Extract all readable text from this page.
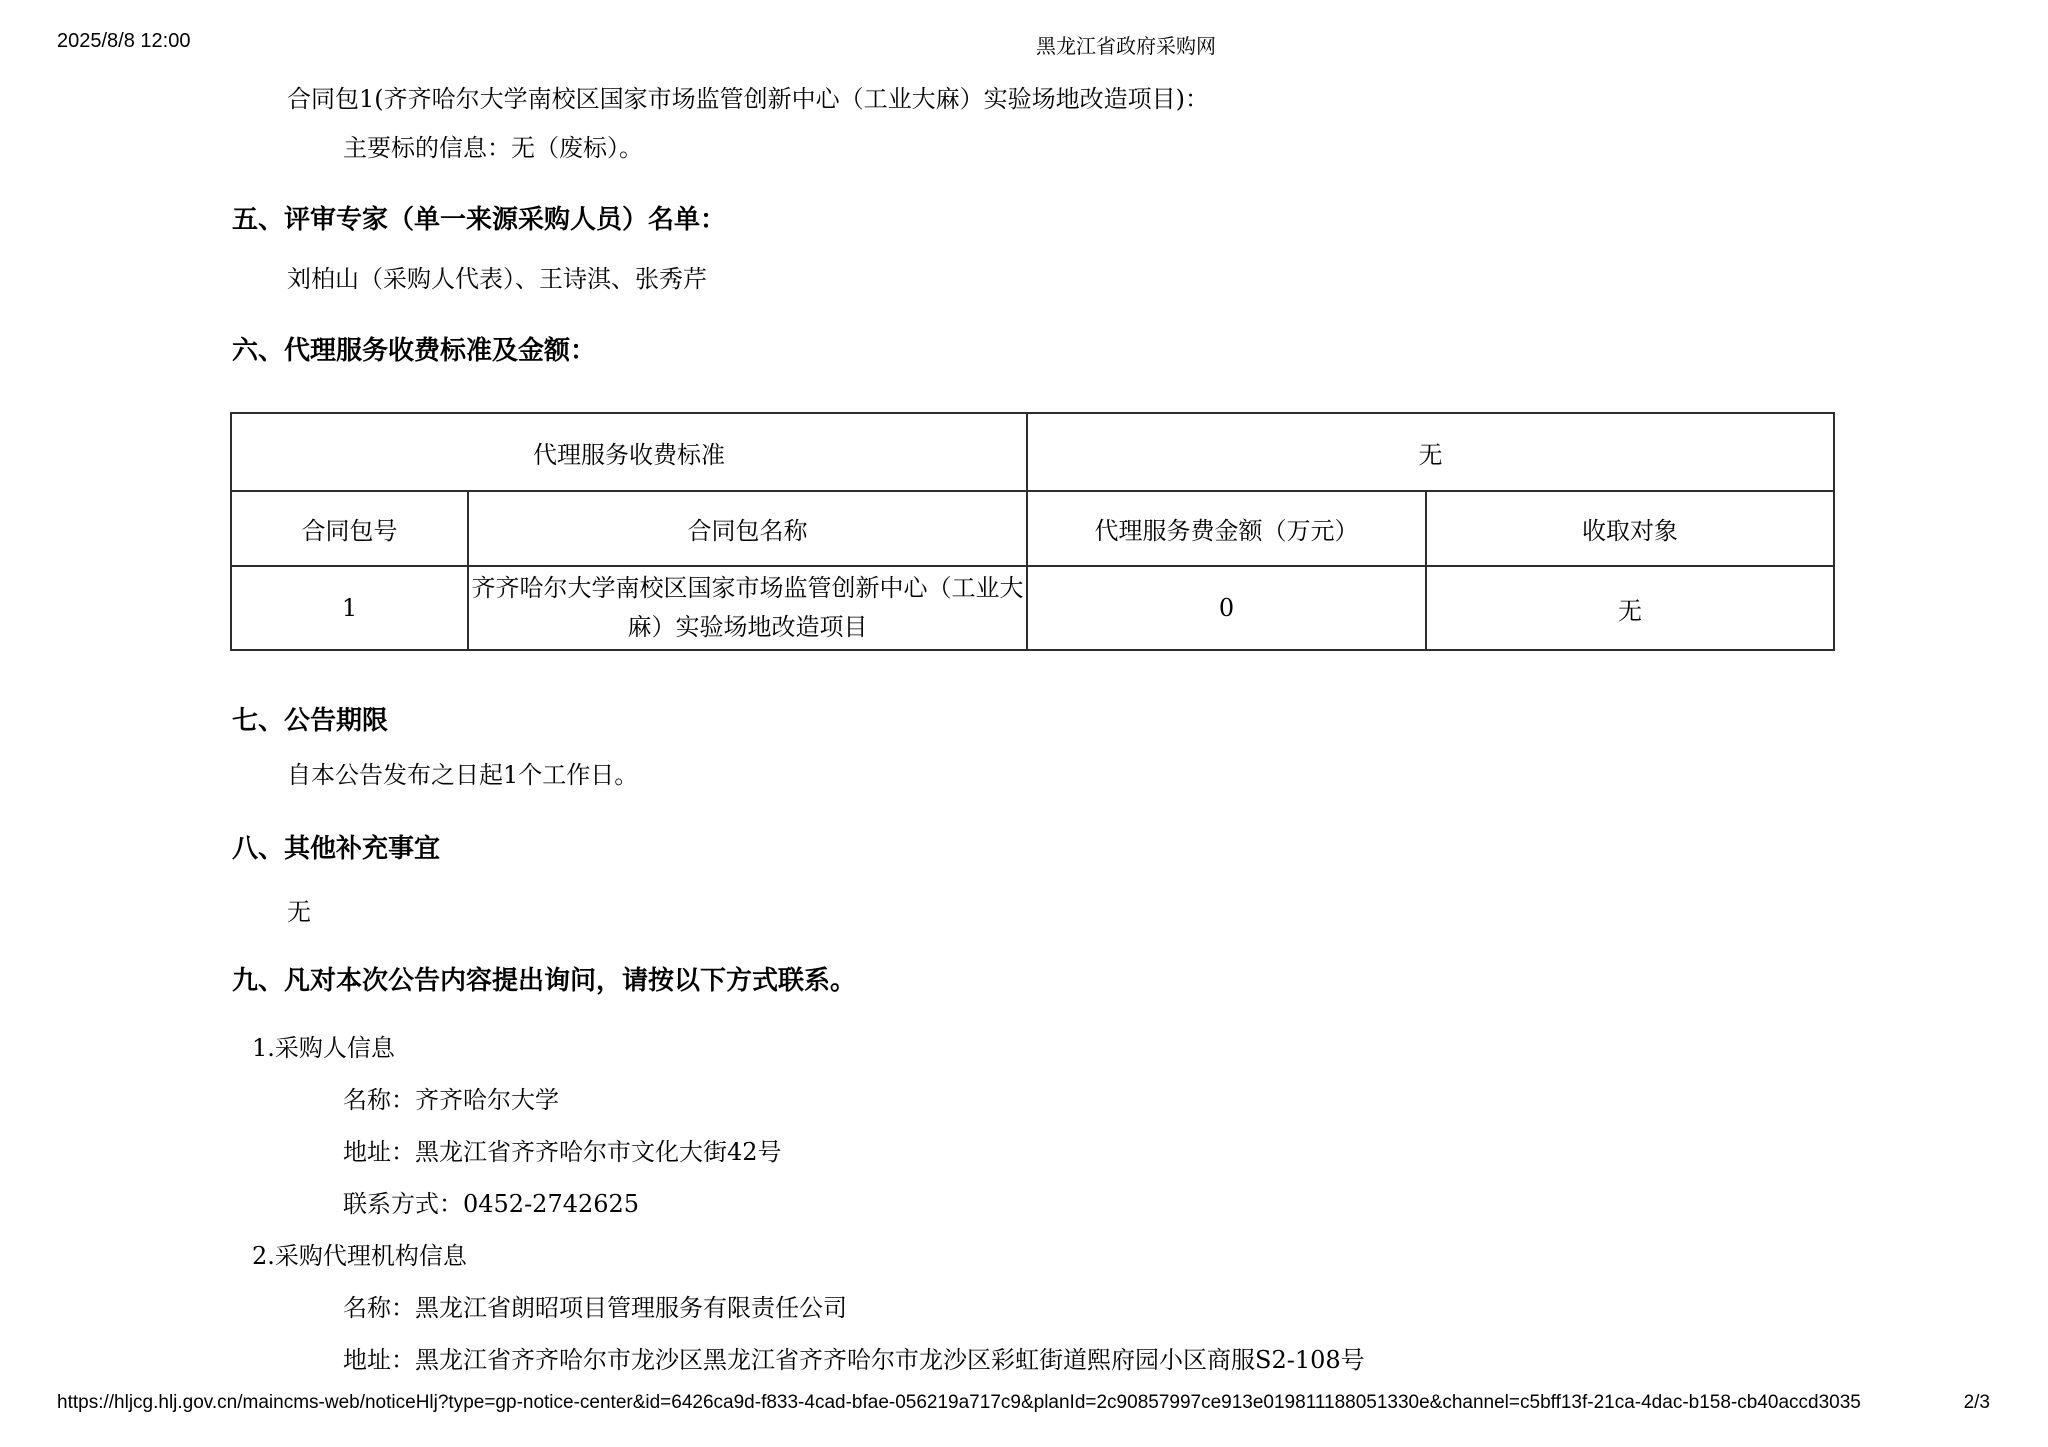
2025/8/8 12:00	黑龙江省政府采购网
合同包1(齐齐哈尔大学南校区国家市场监管创新中心（工业大麻）实验场地改造项目)：
主要标的信息：无（废标）。
五、评审专家（单一来源采购人员）名单：
刘柏山（采购人代表）、王诗淇、张秀芹
六、代理服务收费标准及金额：
代理服务收费标准		无	
合同包号	合同包名称	代理服务费金额（万元）	收取对象
1	齐齐哈尔大学南校区国家市场监管创新中心（工业大麻）实验场地改造项目	0	无
七、公告期限
自本公告发布之日起1个工作日。
八、其他补充事宜
无
九、凡对本次公告内容提出询问，请按以下方式联系。
1.采购人信息
名称：齐齐哈尔大学
地址：黑龙江省齐齐哈尔市文化大街42号
联系方式：0452-2742625
2.采购代理机构信息
名称：黑龙江省朗昭项目管理服务有限责任公司
地址：黑龙江省齐齐哈尔市龙沙区黑龙江省齐齐哈尔市龙沙区彩虹街道熙府园小区商服S2-108号
https://hljcg.hlj.gov.cn/maincms-web/noticeHlj?type=gp-notice-center&id=6426ca9d-f833-4cad-bfae-056219a717c9&planId=2c90857997ce913e019811188051330e&channel=c5bff13f-21ca-4dac-b158-cb40accd3035	2/3
